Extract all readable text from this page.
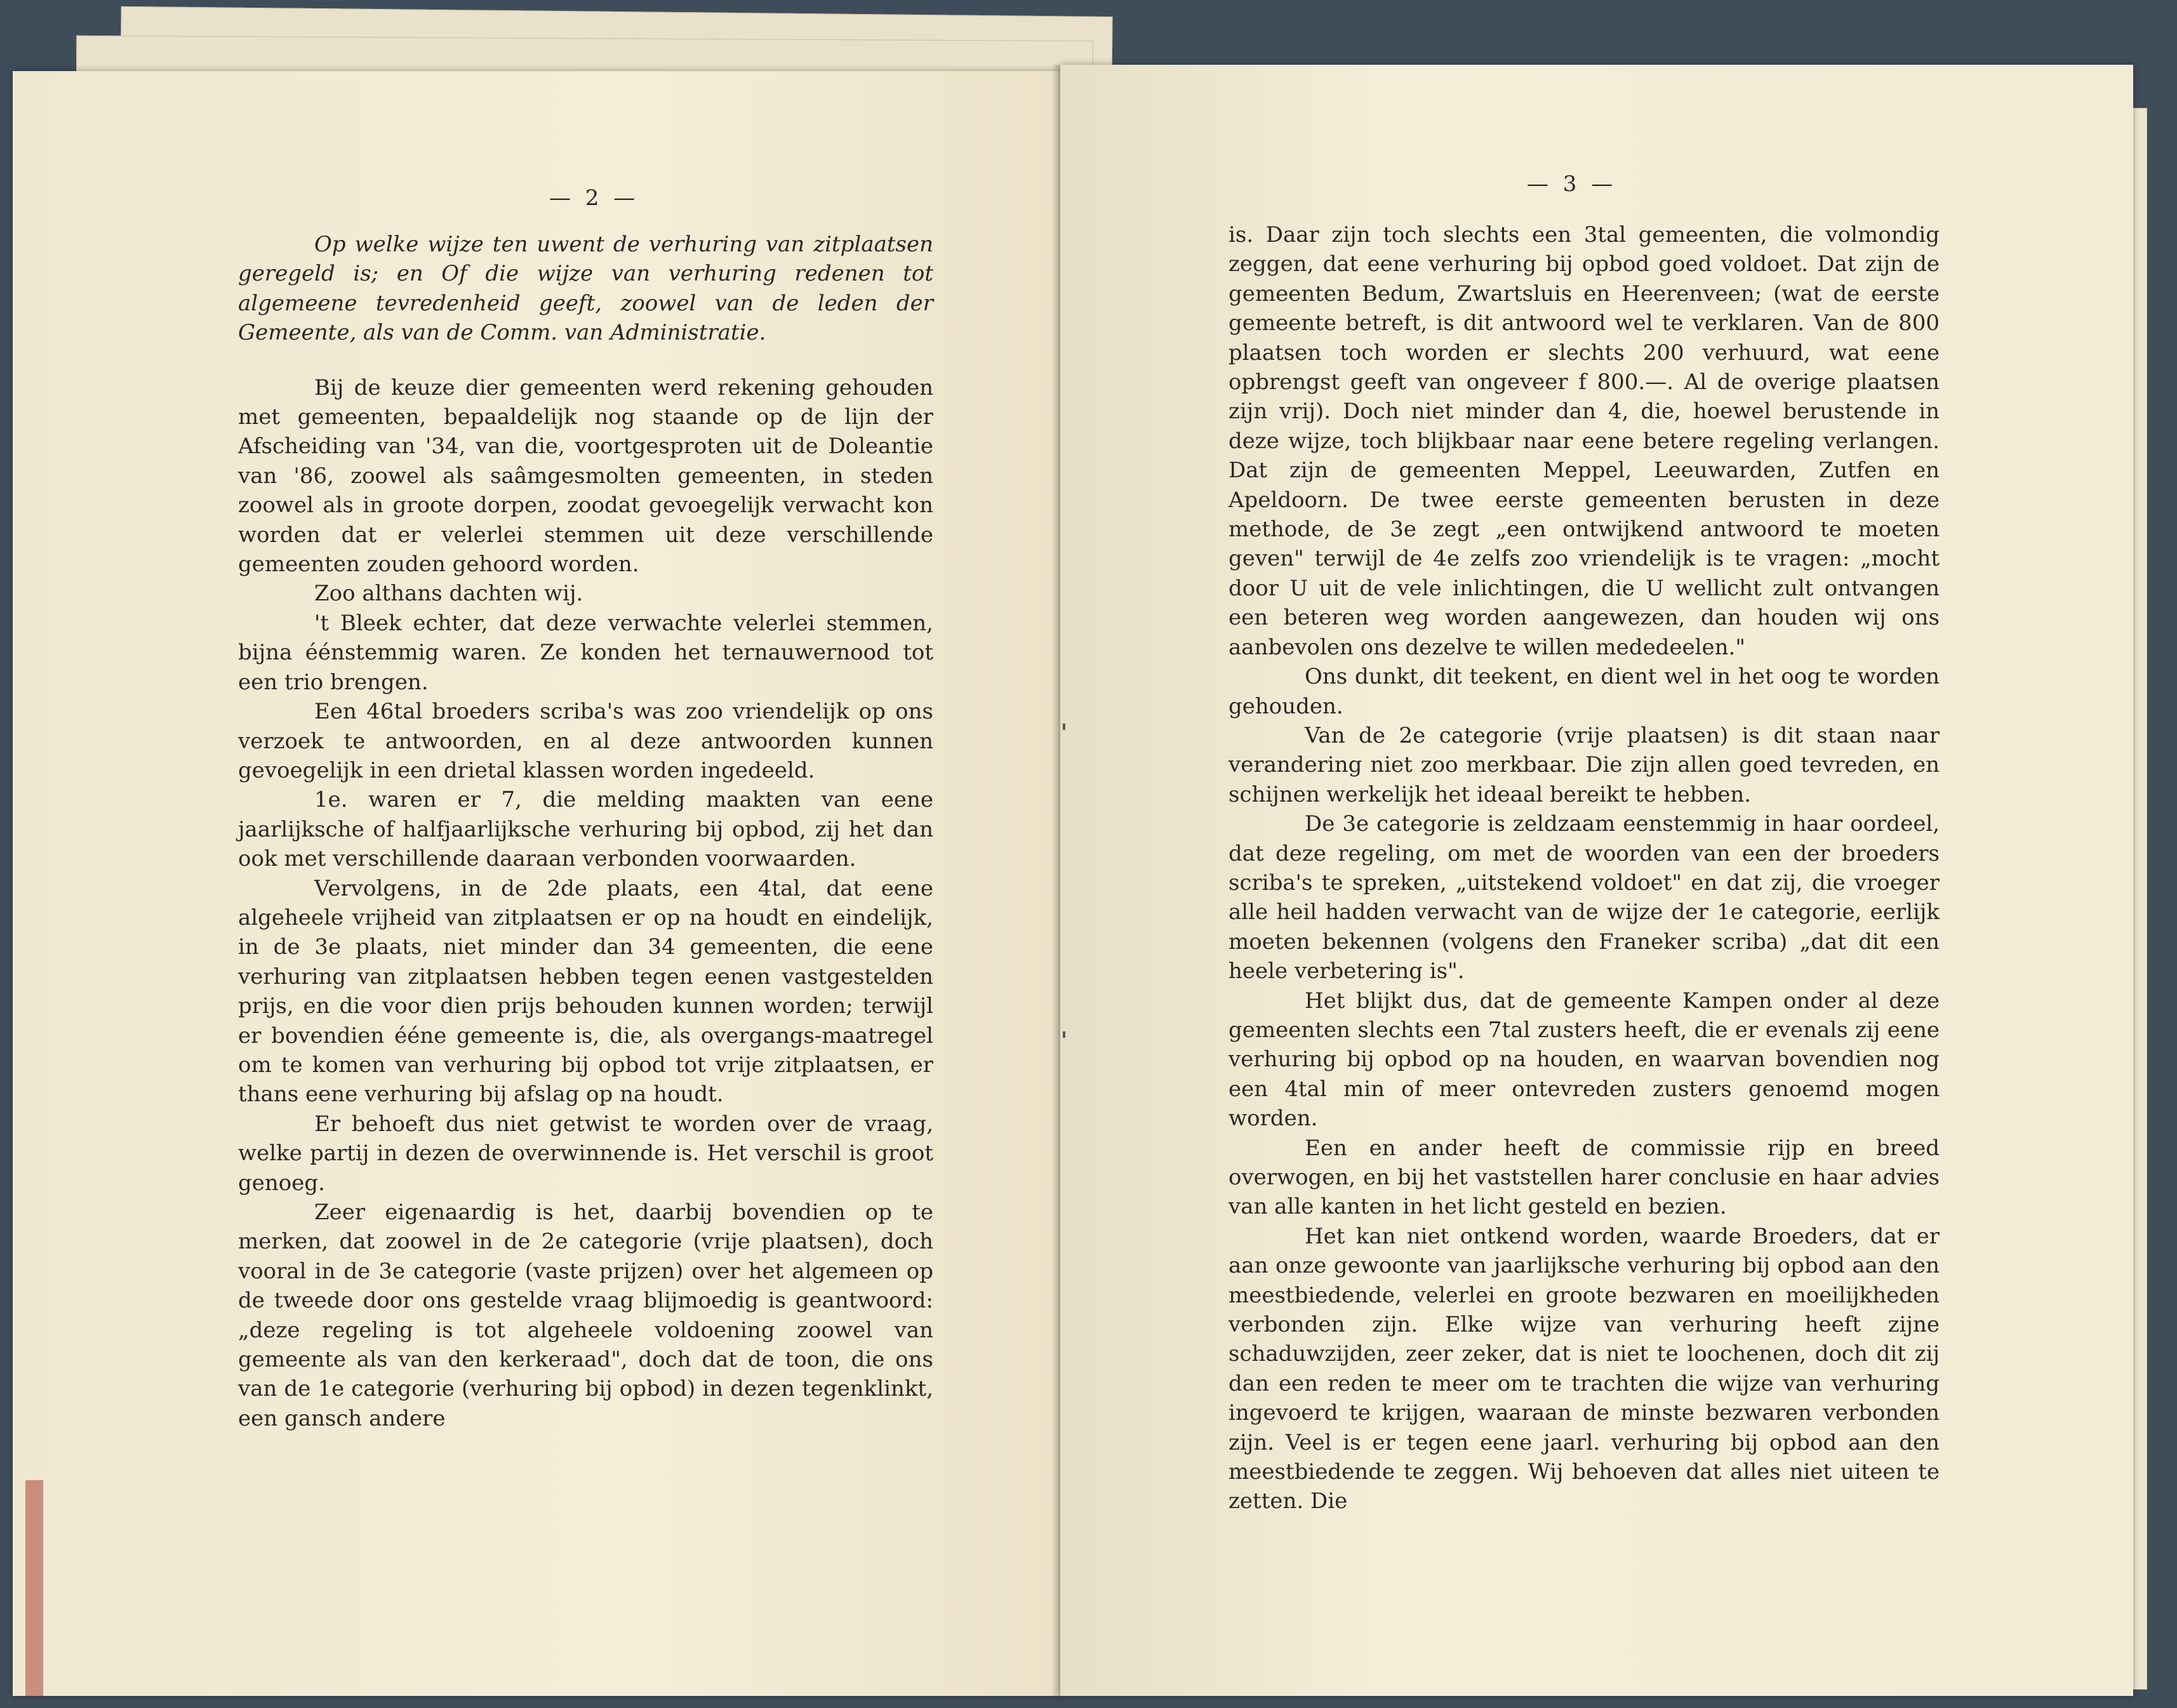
— 2 —

Op welke wijze ten uwent de verhuring van zitplaatsen geregeld is; en Of die wijze van verhuring redenen tot algemeene tevredenheid geeft, zoowel van de leden der Gemeente, als van de Comm. van Administratie.

Bij de keuze dier gemeenten werd rekening gehouden met gemeenten, bepaaldelijk nog staande op de lijn der Afscheiding van '34, van die, voortgesproten uit de Doleantie van '86, zoowel als saâmgesmolten gemeenten, in steden zoowel als in groote dorpen, zoodat gevoegelijk verwacht kon worden dat er velerlei stemmen uit deze verschillende gemeenten zouden gehoord worden.

Zoo althans dachten wij.

't Bleek echter, dat deze verwachte velerlei stemmen, bijna éénstemmig waren. Ze konden het ternauwernood tot een trio brengen.

Een 46tal broeders scriba's was zoo vriendelijk op ons verzoek te antwoorden, en al deze antwoorden kunnen gevoegelijk in een drietal klassen worden ingedeeld.

1e. waren er 7, die melding maakten van eene jaarlijksche of halfjaarlijksche verhuring bij opbod, zij het dan ook met verschillende daaraan verbonden voorwaarden.

Vervolgens, in de 2de plaats, een 4tal, dat eene algeheele vrijheid van zitplaatsen er op na houdt en eindelijk, in de 3e plaats, niet minder dan 34 gemeenten, die eene verhuring van zitplaatsen hebben tegen eenen vastgestelden prijs, en die voor dien prijs behouden kunnen worden; terwijl er bovendien ééne gemeente is, die, als overgangs-maatregel om te komen van verhuring bij opbod tot vrije zitplaatsen, er thans eene verhuring bij afslag op na houdt.

Er behoeft dus niet getwist te worden over de vraag, welke partij in dezen de overwinnende is. Het verschil is groot genoeg.

Zeer eigenaardig is het, daarbij bovendien op te merken, dat zoowel in de 2e categorie (vrije plaatsen), doch vooral in de 3e categorie (vaste prijzen) over het algemeen op de tweede door ons gestelde vraag blijmoedig is geantwoord: „deze regeling is tot algeheele voldoening zoowel van gemeente als van den kerkeraad", doch dat de toon, die ons van de 1e categorie (verhuring bij opbod) in dezen tegenklinkt, een gansch andere

— 3 —

is. Daar zijn toch slechts een 3tal gemeenten, die volmondig zeggen, dat eene verhuring bij opbod goed voldoet. Dat zijn de gemeenten Bedum, Zwartsluis en Heerenveen; (wat de eerste gemeente betreft, is dit antwoord wel te verklaren. Van de 800 plaatsen toch worden er slechts 200 verhuurd, wat eene opbrengst geeft van ongeveer f 800.—. Al de overige plaatsen zijn vrij). Doch niet minder dan 4, die, hoewel berustende in deze wijze, toch blijkbaar naar eene betere regeling verlangen. Dat zijn de gemeenten Meppel, Leeuwarden, Zutfen en Apeldoorn. De twee eerste gemeenten berusten in deze methode, de 3e zegt „een ontwijkend antwoord te moeten geven" terwijl de 4e zelfs zoo vriendelijk is te vragen: „mocht door U uit de vele inlichtingen, die U wellicht zult ontvangen een beteren weg worden aangewezen, dan houden wij ons aanbevolen ons dezelve te willen mededeelen."

Ons dunkt, dit teekent, en dient wel in het oog te worden gehouden.

Van de 2e categorie (vrije plaatsen) is dit staan naar verandering niet zoo merkbaar. Die zijn allen goed tevreden, en schijnen werkelijk het ideaal bereikt te hebben.

De 3e categorie is zeldzaam eenstemmig in haar oordeel, dat deze regeling, om met de woorden van een der broeders scriba's te spreken, „uitstekend voldoet" en dat zij, die vroeger alle heil hadden verwacht van de wijze der 1e categorie, eerlijk moeten bekennen (volgens den Franeker scriba) „dat dit een heele verbetering is".

Het blijkt dus, dat de gemeente Kampen onder al deze gemeenten slechts een 7tal zusters heeft, die er evenals zij eene verhuring bij opbod op na houden, en waarvan bovendien nog een 4tal min of meer ontevreden zusters genoemd mogen worden.

Een en ander heeft de commissie rijp en breed overwogen, en bij het vaststellen harer conclusie en haar advies van alle kanten in het licht gesteld en bezien.

Het kan niet ontkend worden, waarde Broeders, dat er aan onze gewoonte van jaarlijksche verhuring bij opbod aan den meestbiedende, velerlei en groote bezwaren en moeilijkheden verbonden zijn. Elke wijze van verhuring heeft zijne schaduwzijden, zeer zeker, dat is niet te loochenen, doch dit zij dan een reden te meer om te trachten die wijze van verhuring ingevoerd te krijgen, waaraan de minste bezwaren verbonden zijn. Veel is er tegen eene jaarl. verhuring bij opbod aan den meestbiedende te zeggen. Wij behoeven dat alles niet uiteen te zetten. Die
